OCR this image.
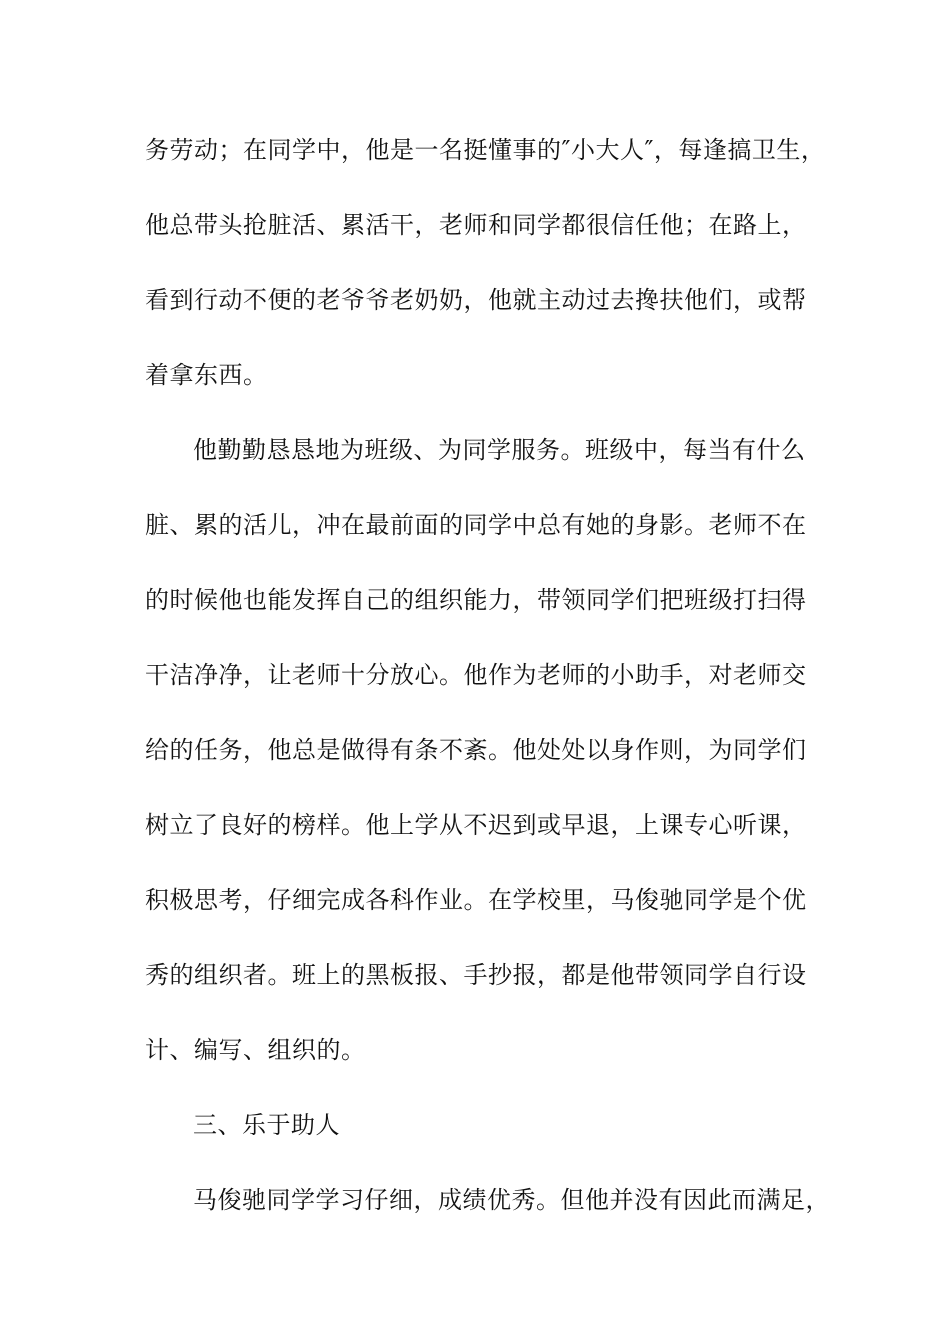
务劳动；在同学中，他是一名挺懂事的″小大人″，每逢搞卫生，
他总带头抢脏活、累活干，老师和同学都很信任他；在路上，
看到行动不便的老爷爷老奶奶，他就主动过去搀扶他们，或帮
着拿东西。
他勤勤恳恳地为班级、为同学服务。班级中，每当有什么
脏、累的活儿，冲在最前面的同学中总有她的身影。老师不在
的时候他也能发挥自己的组织能力，带领同学们把班级打扫得
干洁净净，让老师十分放心。他作为老师的小助手，对老师交
给的任务，他总是做得有条不紊。他处处以身作则，为同学们
树立了良好的榜样。他上学从不迟到或早退，上课专心听课，
积极思考，仔细完成各科作业。在学校里，马俊驰同学是个优
秀的组织者。班上的黑板报、手抄报，都是他带领同学自行设
计、编写、组织的。
三、乐于助人
马俊驰同学学习仔细，成绩优秀。但他并没有因此而满足，
